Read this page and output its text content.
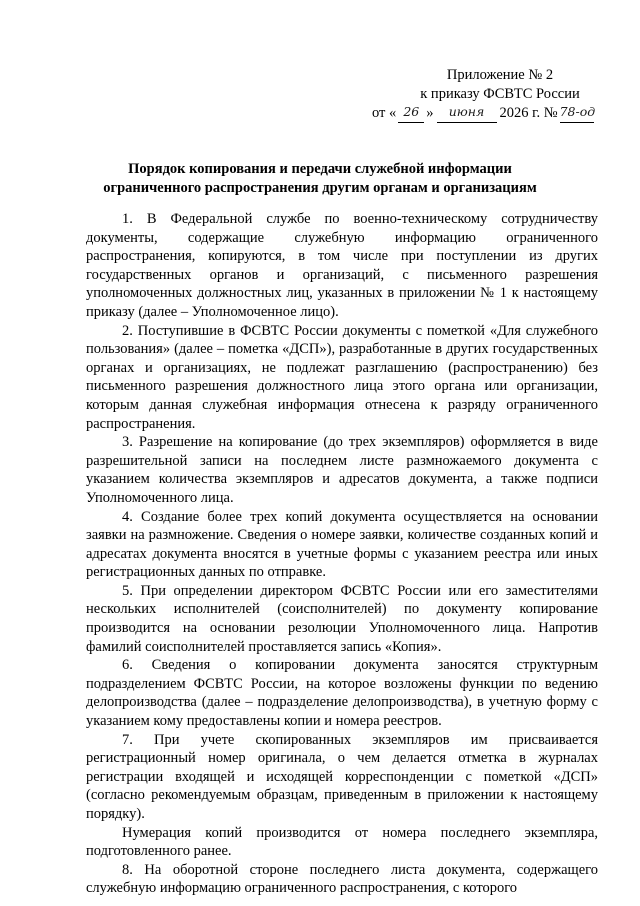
Приложение № 2
к приказу ФСВТС России
от « 26 »	июня	2026 г. № 78-од
Порядок копирования и передачи служебной информации
ограниченного распространения другим органам и организациям

1. В Федеральной службе по военно-техническому сотрудничеству документы, содержащие служебную информацию ограниченного распространения, копируются, в том числе при поступлении из других государственных органов и организаций, с письменного разрешения уполномоченных должностных лиц, указанных в приложении № 1 к настоящему приказу (далее – Уполномоченное лицо).

2. Поступившие в ФСВТС России документы с пометкой «Для служебного пользования» (далее – пометка «ДСП»), разработанные в других государственных органах и организациях, не подлежат разглашению (распространению) без письменного разрешения должностного лица этого органа или организации, которым данная служебная информация отнесена к разряду ограниченного распространения.

3. Разрешение на копирование (до трех экземпляров) оформляется в виде разрешительной записи на последнем листе размножаемого документа с указанием количества экземпляров и адресатов документа, а также подписи Уполномоченного лица.

4. Создание более трех копий документа осуществляется на основании заявки на размножение. Сведения о номере заявки, количестве созданных копий и адресатах документа вносятся в учетные формы с указанием реестра или иных регистрационных данных по отправке.

5. При определении директором ФСВТС России или его заместителями нескольких исполнителей (соисполнителей) по документу копирование производится на основании резолюции Уполномоченного лица. Напротив фамилий соисполнителей проставляется запись «Копия».

6. Сведения о копировании документа заносятся структурным подразделением ФСВТС России, на которое возложены функции по ведению делопроизводства (далее – подразделение делопроизводства), в учетную форму с указанием кому предоставлены копии и номера реестров.

7. При учете скопированных экземпляров им присваивается регистрационный номер оригинала, о чем делается отметка в журналах регистрации входящей и исходящей корреспонденции с пометкой «ДСП» (согласно рекомендуемым образцам, приведенным в приложении к настоящему порядку).

Нумерация копий производится от номера последнего экземпляра, подготовленного ранее.

8. На оборотной стороне последнего листа документа, содержащего служебную информацию ограниченного распространения, с которого
